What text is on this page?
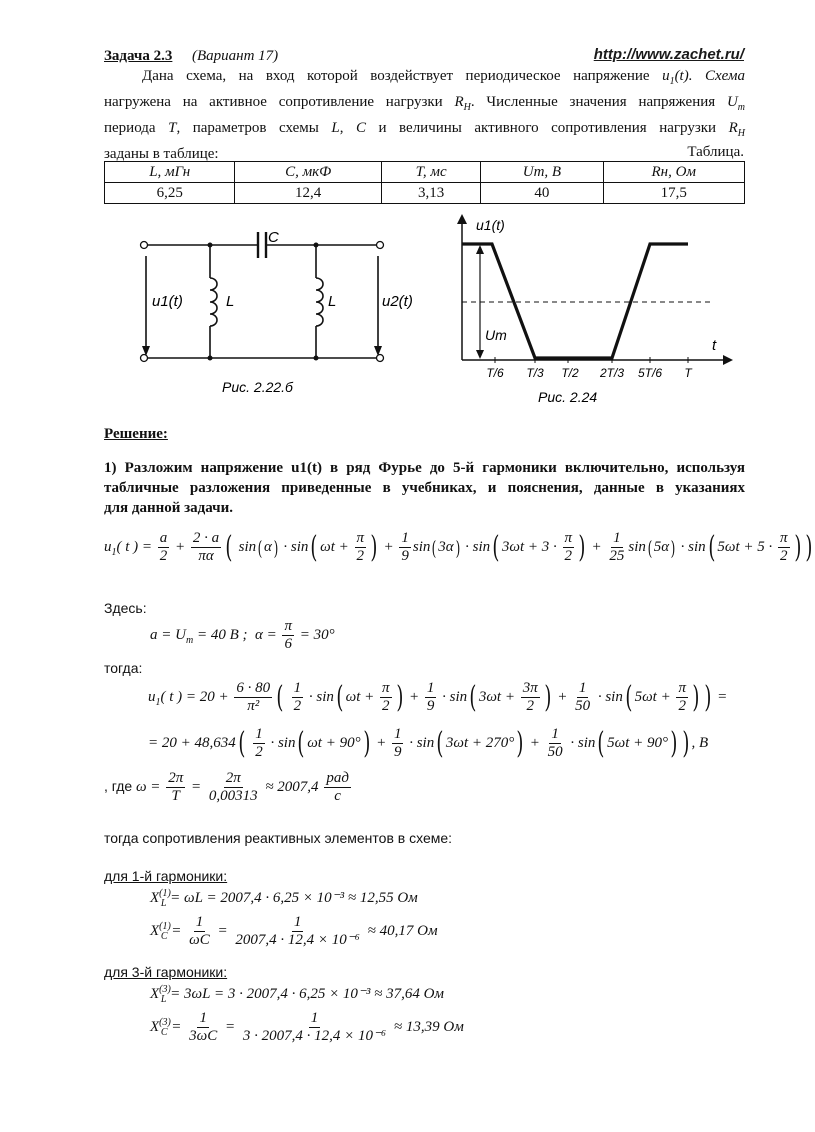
Задача 2.3 (Вариант 17)	http://www.zachet.ru/
Дана схема, на вход которой воздействует периодическое напряжение $u_1(t)$. Схема
нагружена на активное сопротивление нагрузки $R_Н$. Численные значения напряжения $U_m$
периода T, параметров схемы L, C и величины активного сопротивления нагрузки $R_H$
заданы в таблице:	Таблица.
L, мГн	C, мкФ	T, мс	Um, В	Rн, Ом
6,25	12,4	3,13	40	17,5
C
L	L
u1(t)	u2(t)
Рис. 2.22.б
u1(t)
t
Um
T/6 T/3 T/2 2T/3 5T/6 T
Рис. 2.24
Решение:
1) Разложим напряжение u1(t) в ряд Фурье до 5-й гармоники включительно, используя
табличные разложения приведенные в учебниках, и пояснения, данные в указаниях
для данной задачи.
$u_1$( t ) = $\frac{a}{2} + \frac{2 \cdot a}{\pi\alpha}$ ( sin( α) · sin( $\omega t + \frac{\pi}{2}$ ) + $\frac{1}{9} \sin$( 3α) · sin( $3\omega t + 3 \cdot \frac{\pi}{2}$ ) + $\frac{1}{25} \sin$( 5α) · sin( $5\omega t + 5 \cdot \frac{\pi}{2}$ ) )
Здесь:
$a = U_m = 40$ В ;  $\alpha = \frac{\pi}{6} = 30^\circ$
тогда:
$u_1$( t ) = $20 + \frac{6 \cdot 80}{\text{π²}}$ ( $\frac{1}{2} \cdot \sin$( $\omega t + \frac{\pi}{2}$ ) + $\frac{1}{9} \cdot \sin$( $3\omega t + \frac{3\pi}{2}$ ) + $\frac{1}{50} \cdot \sin$( $5\omega t + \frac{\pi}{2}$ ) ) =
= $20 + 48,634( \frac{1}{2} \cdot \sin$( $\omega t + 90^\circ) + \frac{1}{9} \cdot \sin$( $3\omega t + 270^\circ) + \frac{1}{50} \cdot \sin$( 5ωt + 90°) ) , В
, где $\omega = \frac{2\pi}{T} = \frac{2\pi}{0,00313} \approx 2007,4 \frac{\text{рад}}{с}$
тогда сопротивления реактивных элементов в схеме:
для 1-й гармоники:
$X^{(1)}_L = \omega L = 2007,4 \cdot 6,25 \times 10^{-3} \approx 12,55$ Ом
$X^{(1)}_C = \frac{1}{\omega C} = \frac{1}{\text{2007,4 · 12,4 × 10⁻⁶}} \approx 40,17$ Ом
для 3-й гармоники:
$X^{(3)}_L = 3\omega L = 3 \cdot 2007,4 \cdot 6,25 \times 10^{-3} \approx 37,64$ Ом
$X^{(3)}_C = \frac{1}{3\omega C} = \frac{1}{\text{3 · 2007,4 · 12,4 × 10⁻⁶}} \approx 13,39$ Ом
